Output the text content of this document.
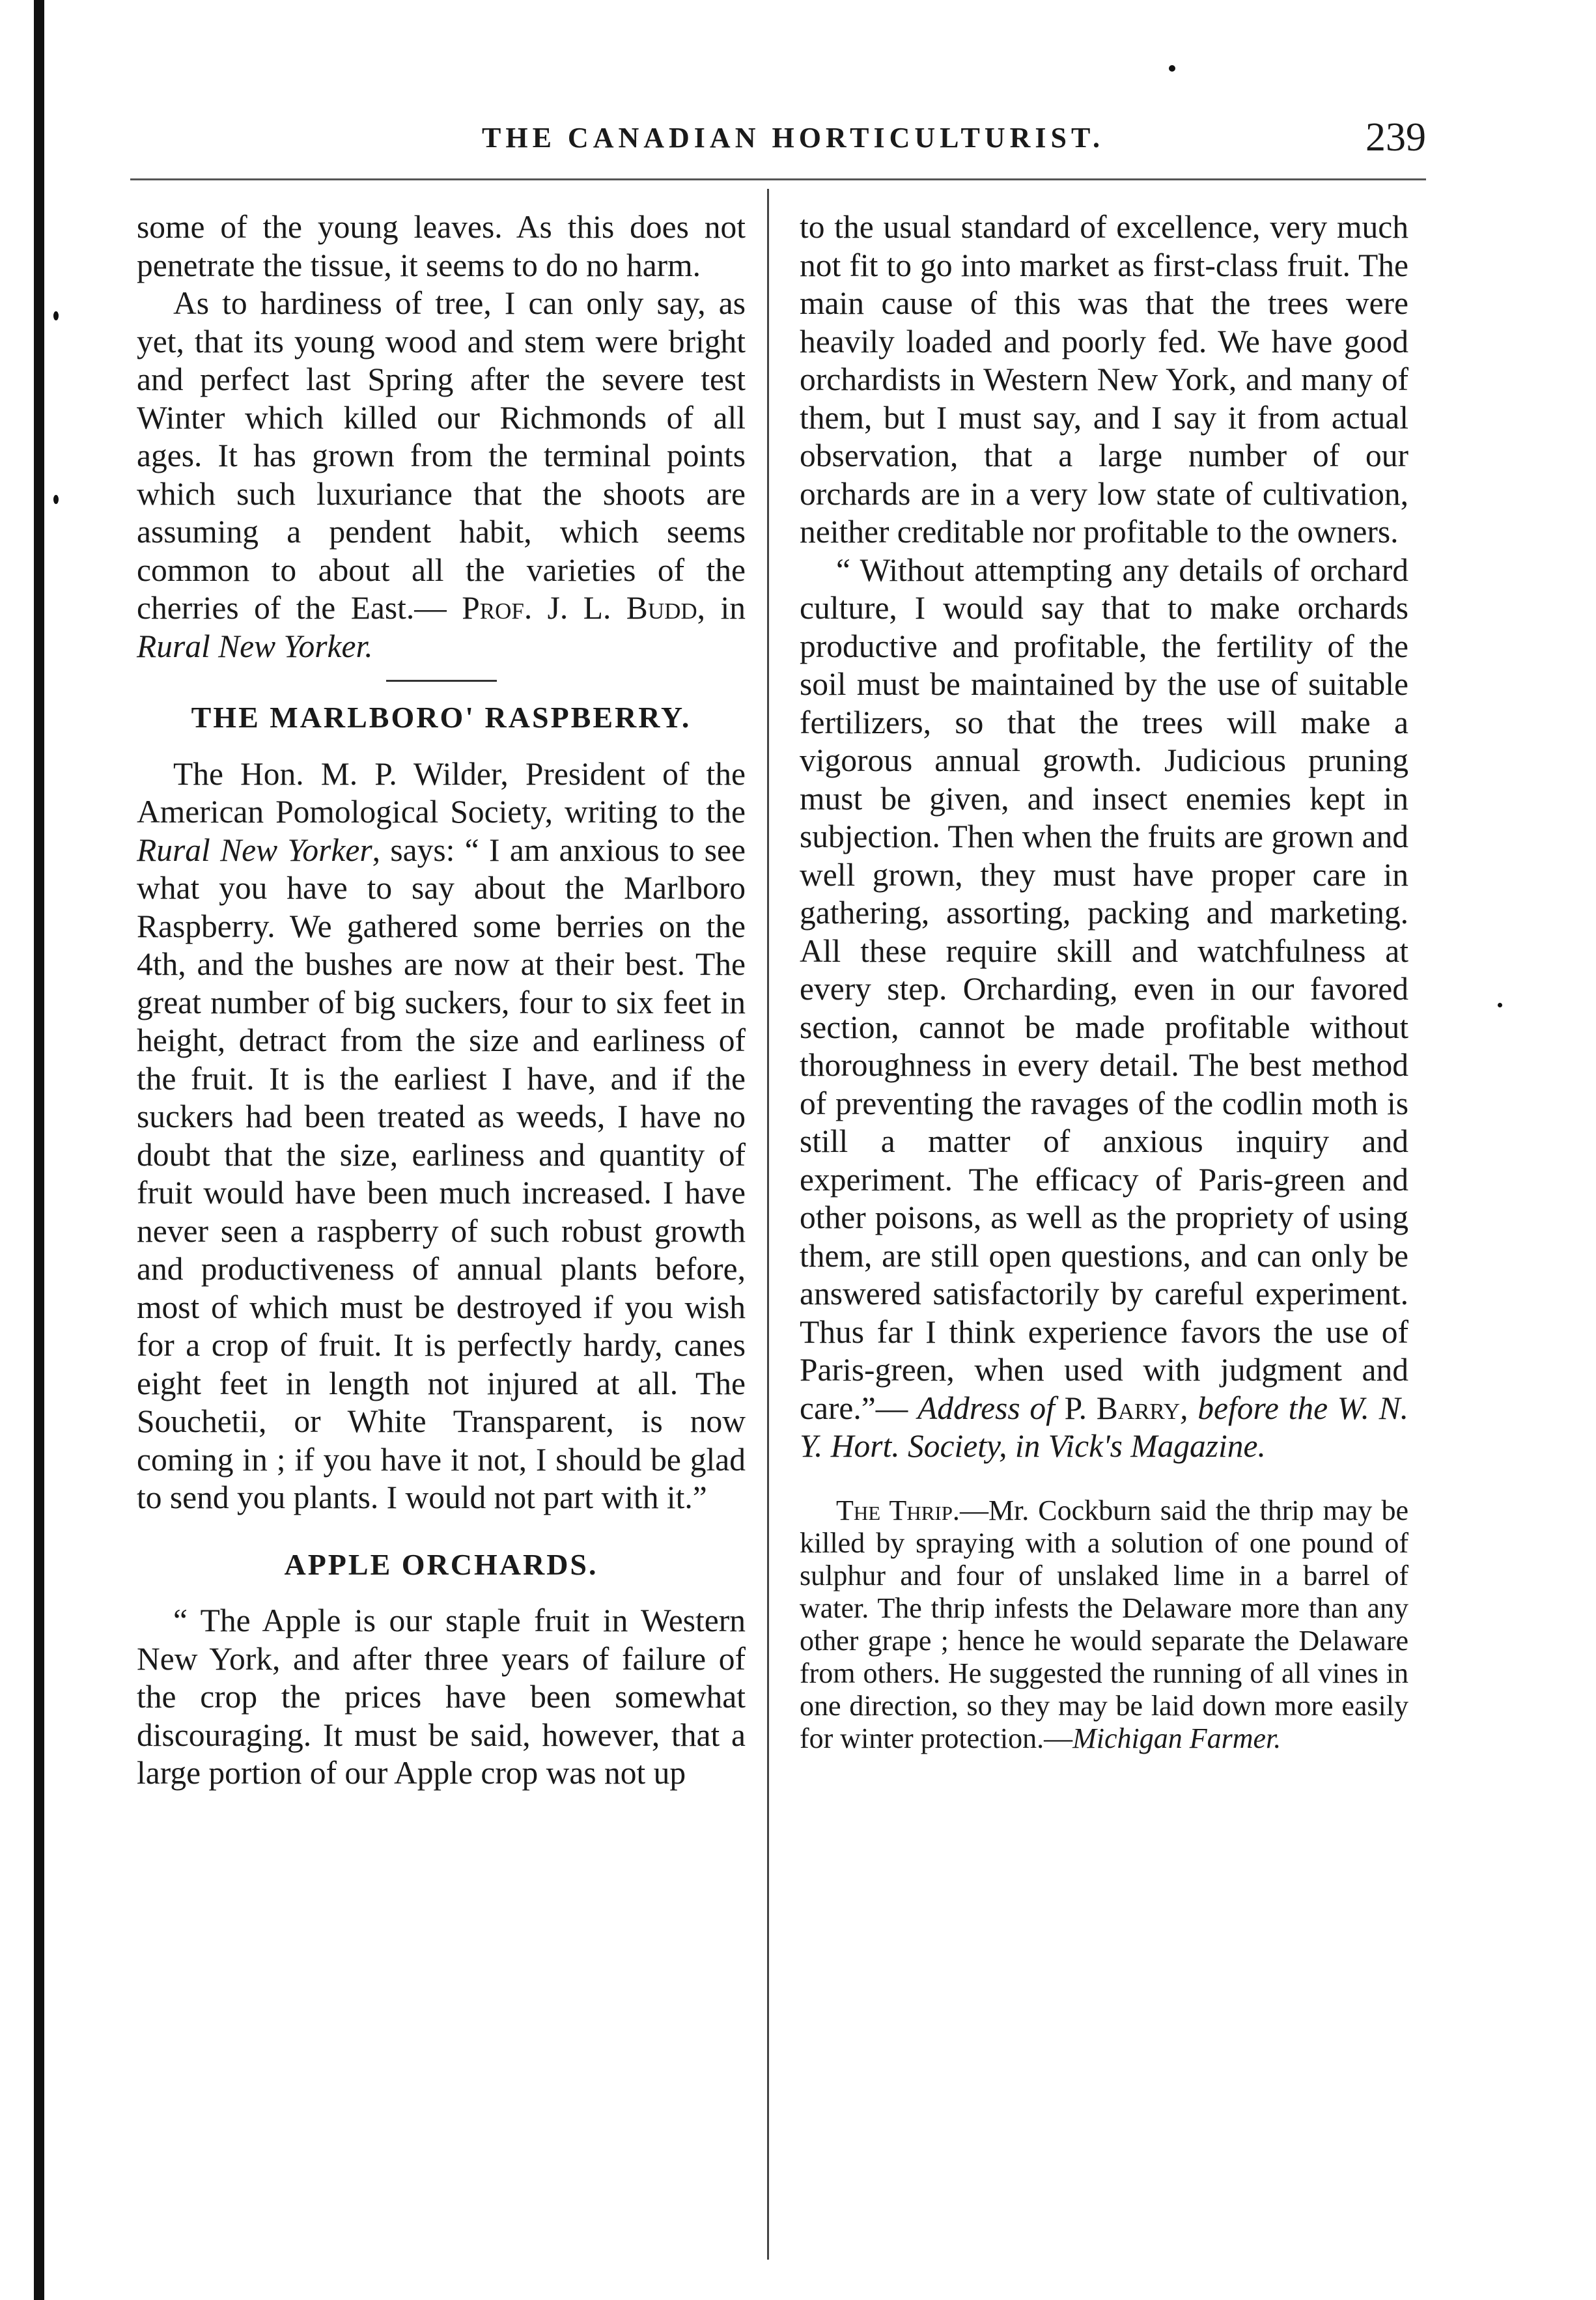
THE CANADIAN HORTICULTURIST.	239

some of the young leaves. As this does not penetrate the tissue, it seems to do no harm.

As to hardiness of tree, I can only say, as yet, that its young wood and stem were bright and perfect last Spring after the severe test Winter which killed our Richmonds of all ages. It has grown from the terminal points which such luxuriance that the shoots are assuming a pendent habit, which seems common to about all the varieties of the cherries of the East.— Prof. J. L. Budd, in Rural New Yorker.

THE MARLBORO' RASPBERRY.

The Hon. M. P. Wilder, President of the American Pomological Society, writing to the Rural New Yorker, says: “ I am anxious to see what you have to say about the Marlboro Raspberry. We gathered some berries on the 4th, and the bushes are now at their best. The great number of big suckers, four to six feet in height, detract from the size and earliness of the fruit. It is the earliest I have, and if the suckers had been treated as weeds, I have no doubt that the size, earliness and quantity of fruit would have been much increased. I have never seen a raspberry of such robust growth and productiveness of annual plants before, most of which must be destroyed if you wish for a crop of fruit. It is perfectly hardy, canes eight feet in length not injured at all. The Souchetii, or White Transparent, is now coming in ; if you have it not, I should be glad to send you plants. I would not part with it.”

APPLE ORCHARDS.

“ The Apple is our staple fruit in Western New York, and after three years of failure of the crop the prices have been somewhat discouraging. It must be said, however, that a large portion of our Apple crop was not up

to the usual standard of excellence, very much not fit to go into market as first-class fruit. The main cause of this was that the trees were heavily loaded and poorly fed. We have good orchardists in Western New York, and many of them, but I must say, and I say it from actual observation, that a large number of our orchards are in a very low state of cultivation, neither creditable nor profitable to the owners.

“ Without attempting any details of orchard culture, I would say that to make orchards productive and profitable, the fertility of the soil must be maintained by the use of suitable fertilizers, so that the trees will make a vigorous annual growth. Judicious pruning must be given, and insect enemies kept in subjection. Then when the fruits are grown and well grown, they must have proper care in gathering, assorting, packing and marketing. All these require skill and watchfulness at every step. Orcharding, even in our favored section, cannot be made profitable without thoroughness in every detail. The best method of preventing the ravages of the codlin moth is still a matter of anxious inquiry and experiment. The efficacy of Paris-green and other poisons, as well as the propriety of using them, are still open questions, and can only be answered satisfactorily by careful experiment. Thus far I think experience favors the use of Paris-green, when used with judgment and care.”— Address of P. Barry, before the W. N. Y. Hort. Society, in Vick's Magazine.

The Thrip.—Mr. Cockburn said the thrip may be killed by spraying with a solution of one pound of sulphur and four of unslaked lime in a barrel of water. The thrip infests the Delaware more than any other grape ; hence he would separate the Delaware from others. He suggested the running of all vines in one direction, so they may be laid down more easily for winter protection.—Michigan Farmer.
